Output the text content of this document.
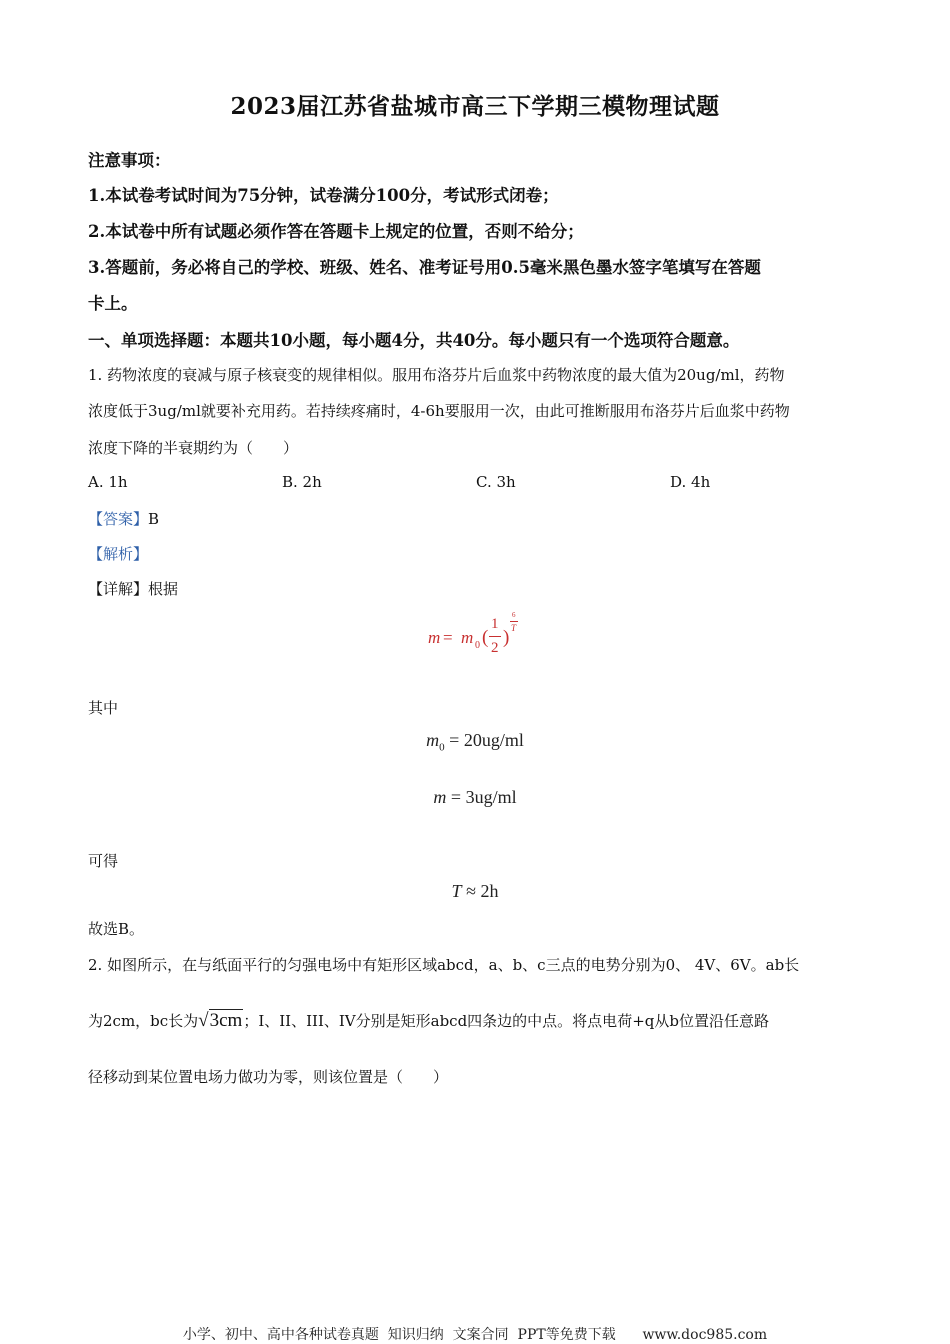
2023届江苏省盐城市高三下学期三模物理试题
注意事项：
1.本试卷考试时间为75分钟，试卷满分100分，考试形式闭卷；
2.本试卷中所有试题必须作答在答题卡上规定的位置，否则不给分；
3.答题前，务必将自己的学校、班级、姓名、准考证号用0.5毫米黑色墨水签字笔填写在答题
卡上。
一、单项选择题：本题共10小题，每小题4分，共40分。每小题只有一个选项符合题意。
1. 药物浓度的衰减与原子核衰变的规律相似。服用布洛芬片后血浆中药物浓度的最大值为20ug/ml，药物
浓度低于3ug/ml就要补充用药。若持续疼痛时，4-6h要服用一次，由此可推断服用布洛芬片后血浆中药物
浓度下降的半衰期约为（　　）
A. 1h	B. 2h	C. 3h	D. 4h
【答案】B
【解析】
【详解】根据
m = m 0 (
1
2 )
6
T
其中
$m_0 = 20ug/ml$
m = 3ug/ml
可得
T ≈ 2h
故选B。
2. 如图所示，在与纸面平行的匀强电场中有矩形区域abcd，a、b、c三点的电势分别为0、 4V、6V。ab长
为2cm，bc长为√3cm；I、II、III、IV分别是矩形abcd四条边的中点。将点电荷+q从b位置沿任意路
径移动到某位置电场力做功为零，则该位置是（　　）
小学、初中、高中各种试卷真题  知识归纳  文案合同  PPT等免费下载      www.doc985.com
